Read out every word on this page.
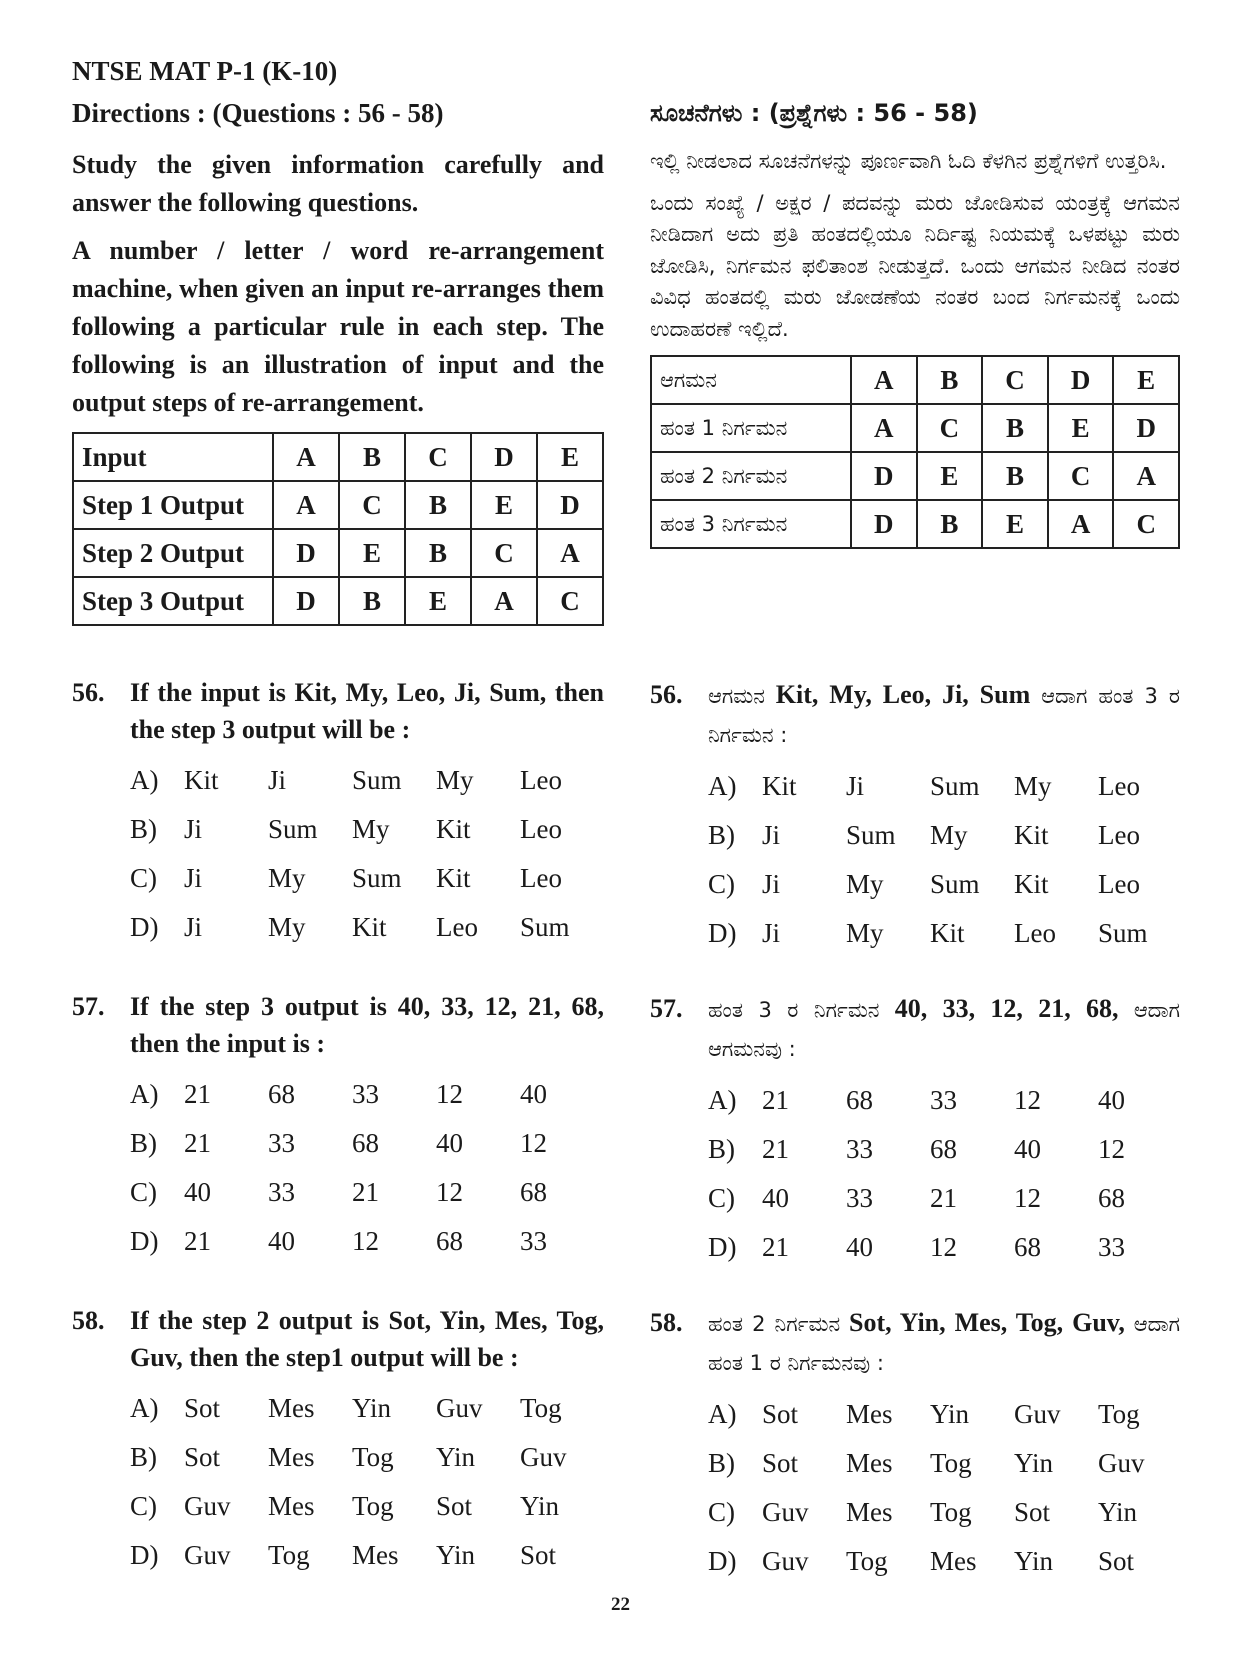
NTSE MAT P-1 (K-10)
Directions : (Questions : 56 - 58)

Study the given information carefully and answer the following questions.

A number / letter / word re-arrangement machine, when given an input re-arranges them following a particular rule in each step. The following is an illustration of input and the output steps of re-arrangement.

Input	A	B	C	D	E
Step 1 Output	A	C	B	E	D
Step 2 Output	D	E	B	C	A
Step 3 Output	D	B	E	A	C
ಸೂಚನೆಗಳು : (ಪ್ರಶ್ನೆಗಳು : 56 - 58)

ಇಲ್ಲಿ ನೀಡಲಾದ ಸೂಚನೆಗಳನ್ನು ಪೂರ್ಣವಾಗಿ ಓದಿ ಕೆಳಗಿನ ಪ್ರಶ್ನೆಗಳಿಗೆ ಉತ್ತರಿಸಿ.

ಒಂದು ಸಂಖ್ಯೆ / ಅಕ್ಷರ / ಪದವನ್ನು ಮರು ಜೋಡಿಸುವ ಯಂತ್ರಕ್ಕೆ ಆಗಮನ ನೀಡಿದಾಗ ಅದು ಪ್ರತಿ ಹಂತದಲ್ಲಿಯೂ ನಿರ್ದಿಷ್ಟ ನಿಯಮಕ್ಕೆ ಒಳಪಟ್ಟು ಮರು ಜೋಡಿಸಿ, ನಿರ್ಗಮನ ಫಲಿತಾಂಶ ನೀಡುತ್ತದೆ. ಒಂದು ಆಗಮನ ನೀಡಿದ ನಂತರ ವಿವಿಧ ಹಂತದಲ್ಲಿ ಮರು ಜೋಡಣೆಯ ನಂತರ ಬಂದ ನಿರ್ಗಮನಕ್ಕೆ ಒಂದು ಉದಾಹರಣೆ ಇಲ್ಲಿದೆ.

ಆಗಮನ	A	B	C	D	E
ಹಂತ 1 ನಿರ್ಗಮನ	A	C	B	E	D
ಹಂತ 2 ನಿರ್ಗಮನ	D	E	B	C	A
ಹಂತ 3 ನಿರ್ಗಮನ	D	B	E	A	C
56. If the input is Kit, My, Leo, Ji, Sum, then the step 3 output will be :
A) Kit Ji Sum My Leo
B) Ji Sum My Kit Leo
C) Ji My Sum Kit Leo
D) Ji My Kit Leo Sum
57. If the step 3 output is 40, 33, 12, 21, 68, then the input is :
A) 21 68 33 12 40
B) 21 33 68 40 12
C) 40 33 21 12 68
D) 21 40 12 68 33
58. If the step 2 output is Sot, Yin, Mes, Tog, Guv, then the step1 output will be :
A) Sot Mes Yin Guv Tog
B) Sot Mes Tog Yin Guv
C) Guv Mes Tog Sot Yin
D) Guv Tog Mes Yin Sot
56. ಆಗಮನ Kit, My, Leo, Ji, Sum ಆದಾಗ ಹಂತ 3 ರ ನಿರ್ಗಮನ :
A) Kit Ji Sum My Leo
B) Ji Sum My Kit Leo
C) Ji My Sum Kit Leo
D) Ji My Kit Leo Sum
57. ಹಂತ 3 ರ ನಿರ್ಗಮನ 40, 33, 12, 21, 68, ಆದಾಗ ಆಗಮನವು :
A) 21 68 33 12 40
B) 21 33 68 40 12
C) 40 33 21 12 68
D) 21 40 12 68 33
58. ಹಂತ 2 ನಿರ್ಗಮನ Sot, Yin, Mes, Tog, Guv, ಆದಾಗ ಹಂತ 1 ರ ನಿರ್ಗಮನವು :
A) Sot Mes Yin Guv Tog
B) Sot Mes Tog Yin Guv
C) Guv Mes Tog Sot Yin
D) Guv Tog Mes Yin Sot
22
